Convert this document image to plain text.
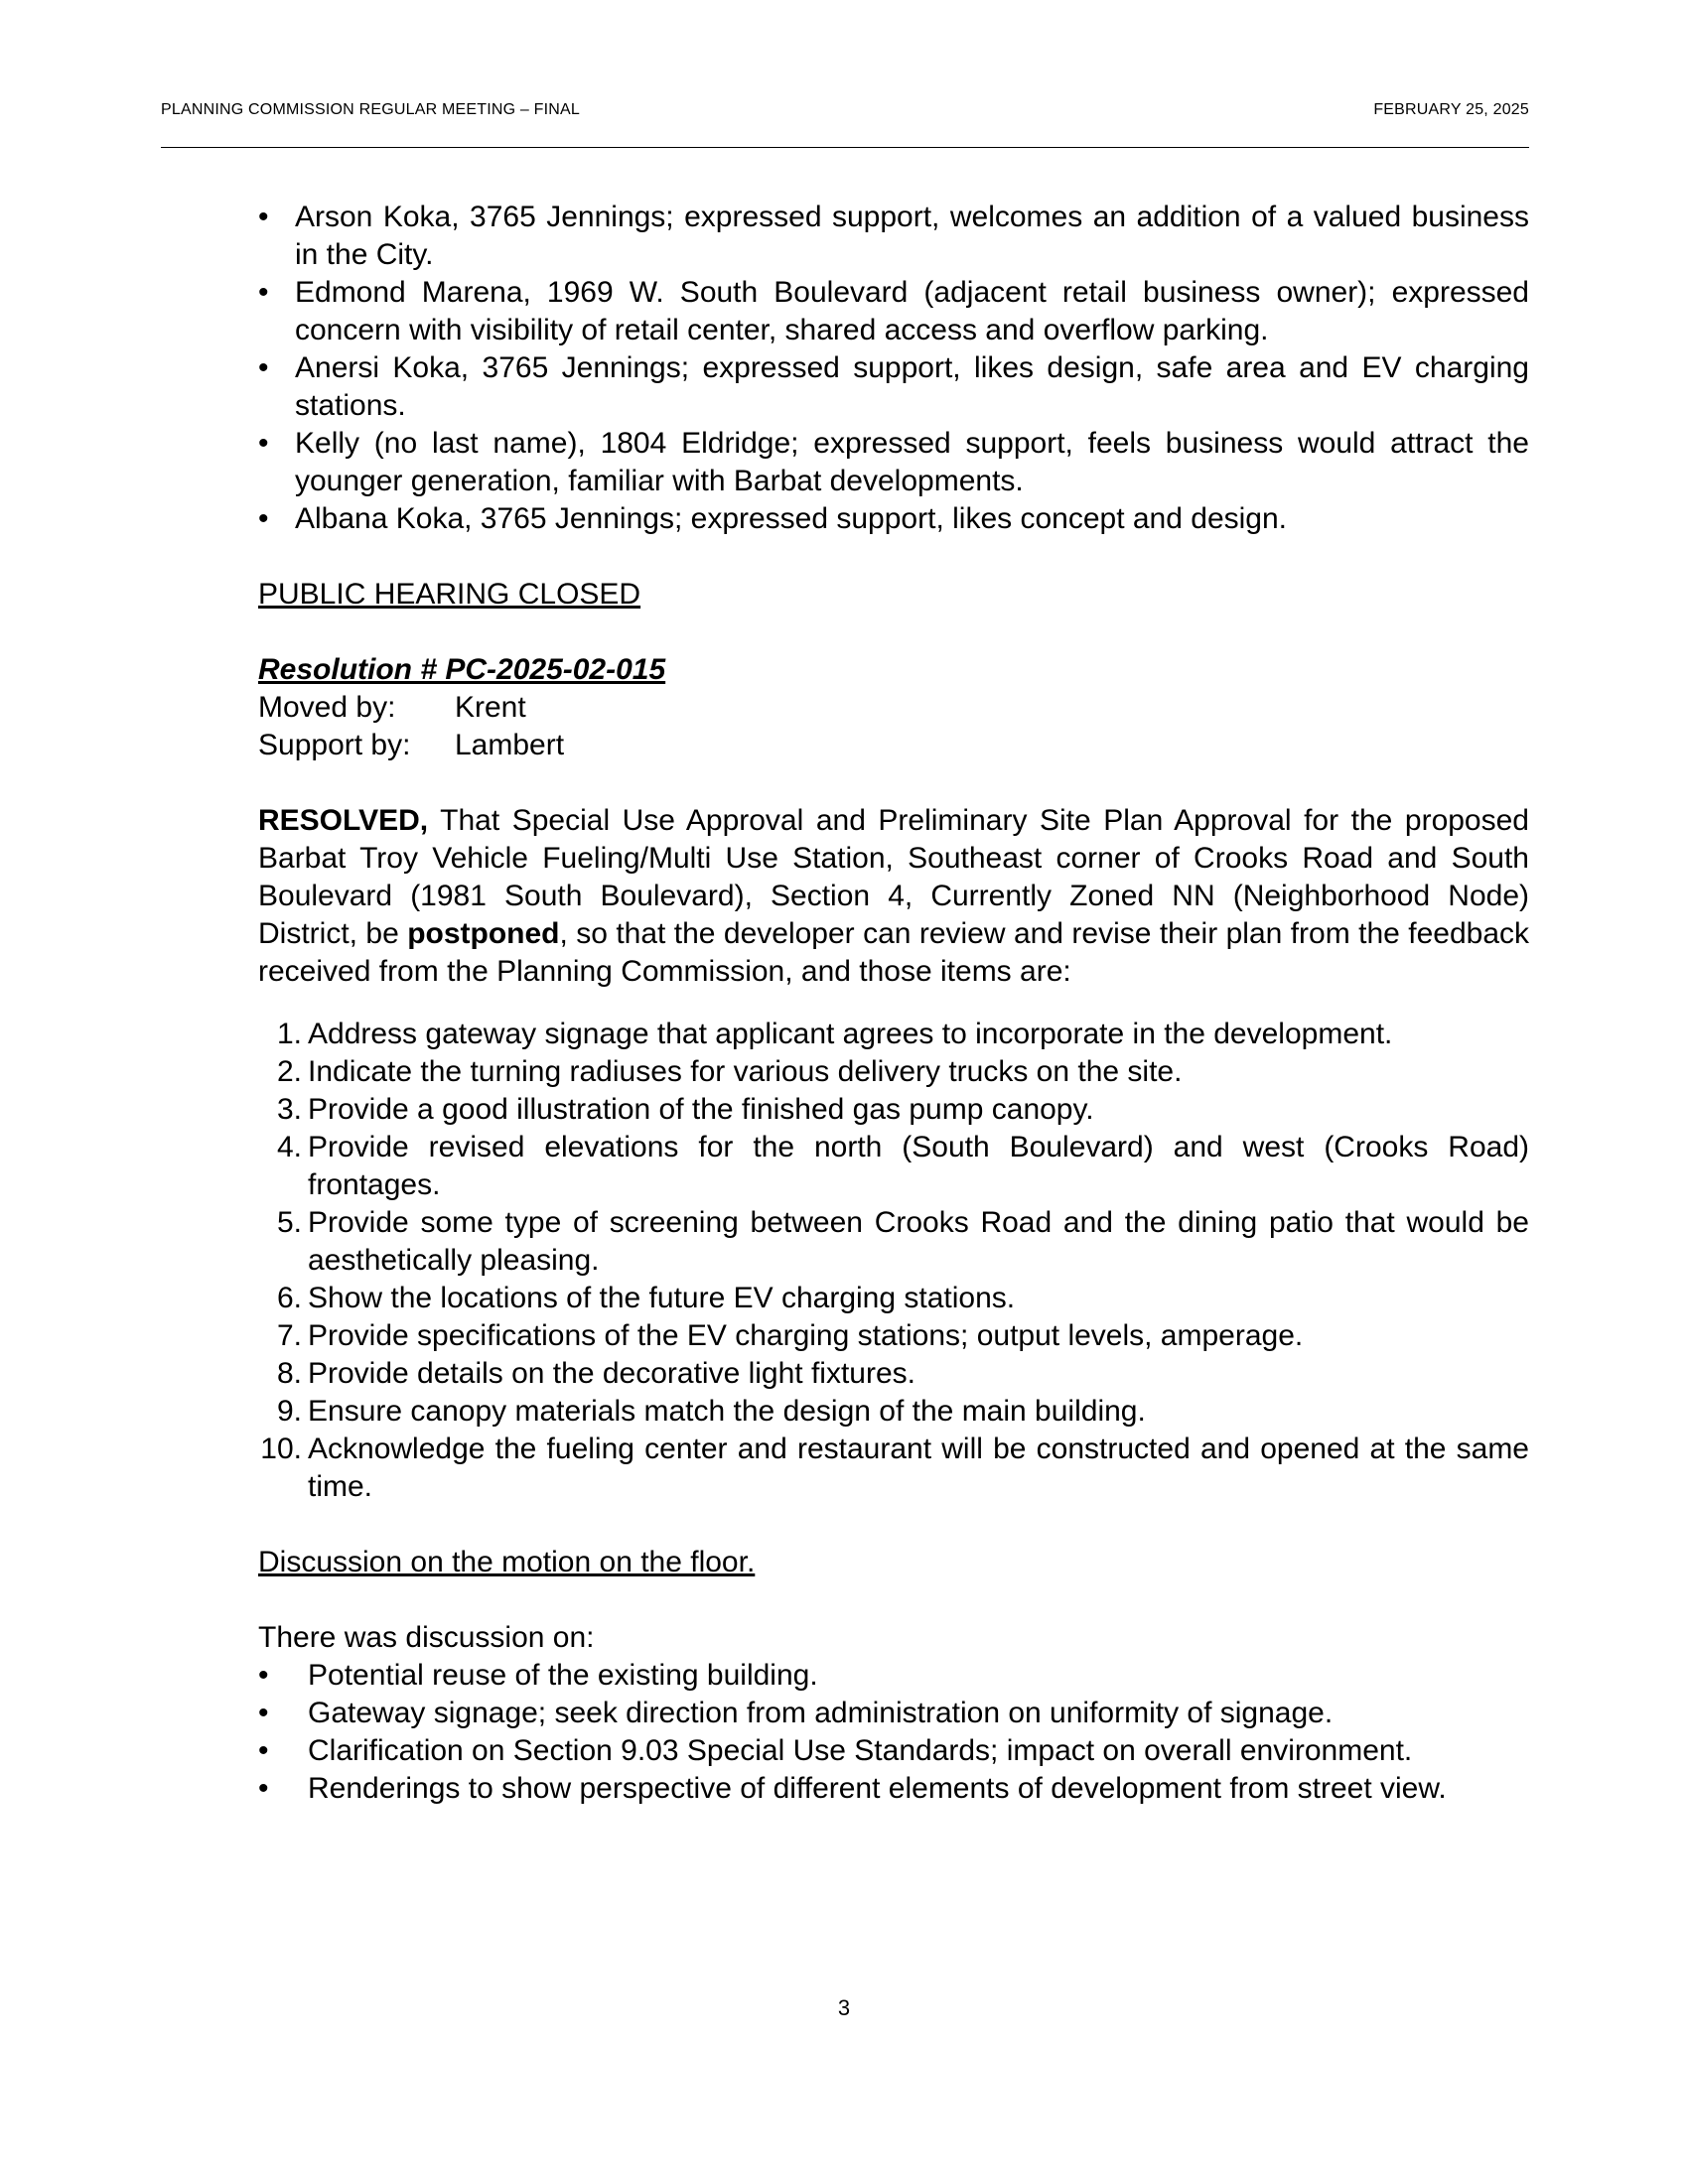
PLANNING COMMISSION REGULAR MEETING – FINAL	FEBRUARY 25, 2025
• Arson Koka, 3765 Jennings; expressed support, welcomes an addition of a valued business in the City.
• Edmond Marena, 1969 W. South Boulevard (adjacent retail business owner); expressed concern with visibility of retail center, shared access and overflow parking.
• Anersi Koka, 3765 Jennings; expressed support, likes design, safe area and EV charging stations.
• Kelly (no last name), 1804 Eldridge; expressed support, feels business would attract the younger generation, familiar with Barbat developments.
• Albana Koka, 3765 Jennings; expressed support, likes concept and design.
PUBLIC HEARING CLOSED
Resolution # PC-2025-02-015
Moved by:	Krent
Support by:	Lambert
RESOLVED, That Special Use Approval and Preliminary Site Plan Approval for the proposed Barbat Troy Vehicle Fueling/Multi Use Station, Southeast corner of Crooks Road and South Boulevard (1981 South Boulevard), Section 4, Currently Zoned NN (Neighborhood Node) District, be postponed, so that the developer can review and revise their plan from the feedback received from the Planning Commission, and those items are:
1. Address gateway signage that applicant agrees to incorporate in the development.
2. Indicate the turning radiuses for various delivery trucks on the site.
3. Provide a good illustration of the finished gas pump canopy.
4. Provide revised elevations for the north (South Boulevard) and west (Crooks Road) frontages.
5. Provide some type of screening between Crooks Road and the dining patio that would be aesthetically pleasing.
6. Show the locations of the future EV charging stations.
7. Provide specifications of the EV charging stations; output levels, amperage.
8. Provide details on the decorative light fixtures.
9. Ensure canopy materials match the design of the main building.
10. Acknowledge the fueling center and restaurant will be constructed and opened at the same time.
Discussion on the motion on the floor.
There was discussion on:
•	Potential reuse of the existing building.
•	Gateway signage; seek direction from administration on uniformity of signage.
•	Clarification on Section 9.03 Special Use Standards; impact on overall environment.
•	Renderings to show perspective of different elements of development from street view.
3
